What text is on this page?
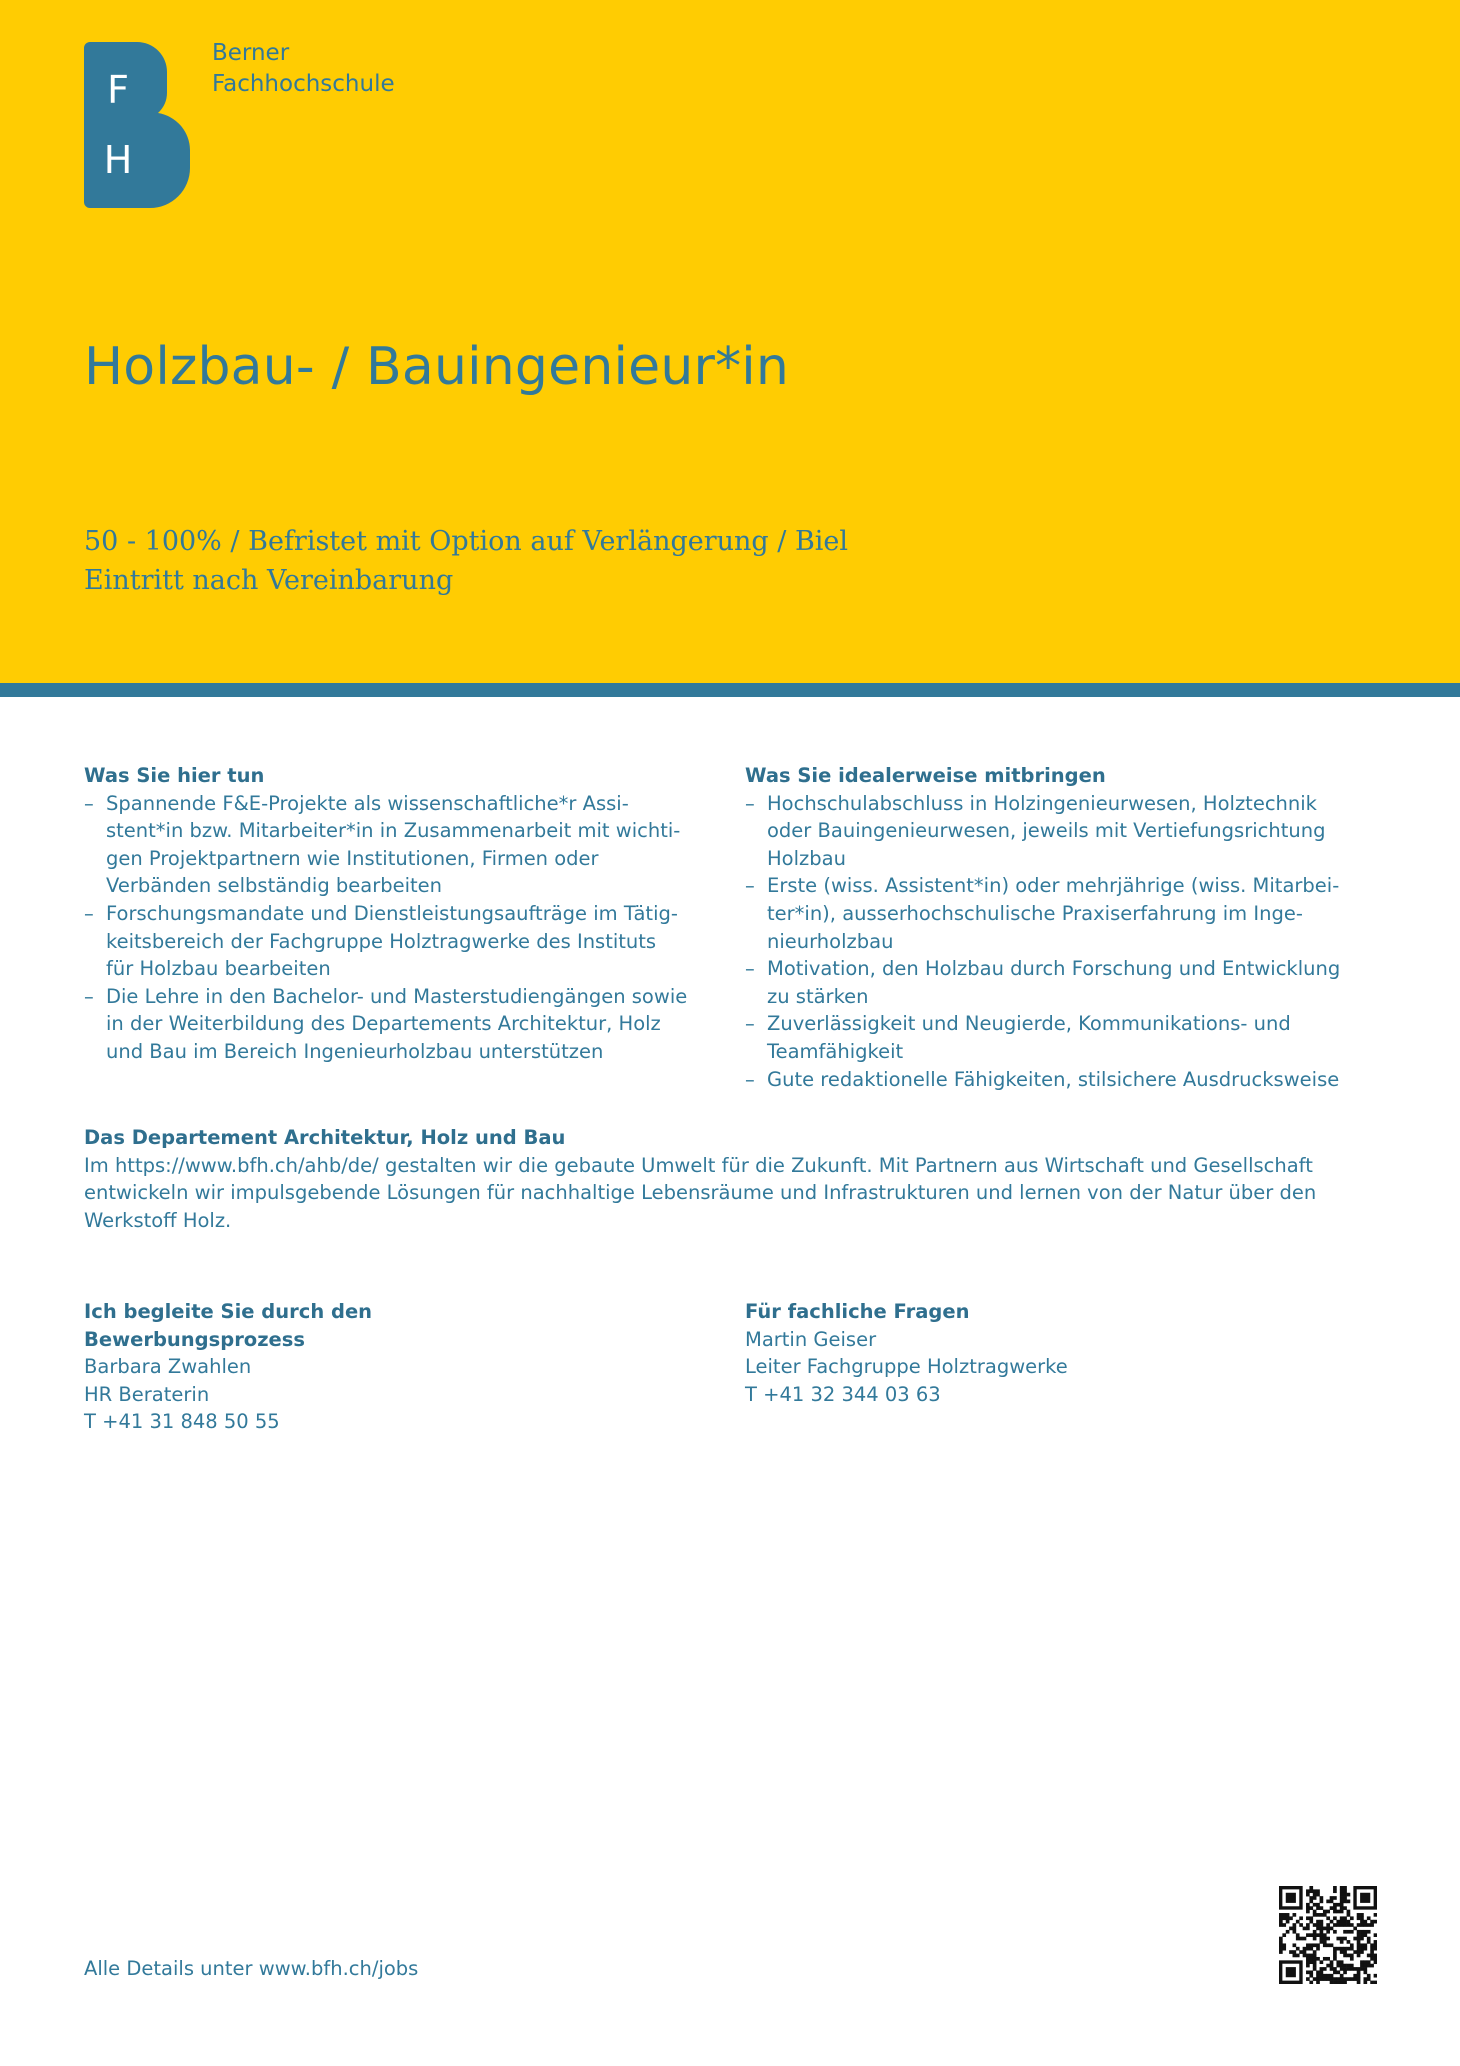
F
H
Berner
Fachhochschule
Holzbau- / Bauingenieur*in
50 - 100% / Befristet mit Option auf Verlängerung / Biel
Eintritt nach Vereinbarung
Was Sie hier tun
– Spannende F&E-Projekte als wissenschaftliche*r Assi-
stent*in bzw. Mitarbeiter*in in Zusammenarbeit mit wichti-
gen Projektpartnern wie Institutionen, Firmen oder
Verbänden selbständig bearbeiten
– Forschungsmandate und Dienstleistungsaufträge im Tätig-
keitsbereich der Fachgruppe Holztragwerke des Instituts
für Holzbau bearbeiten
– Die Lehre in den Bachelor- und Masterstudiengängen sowie
in der Weiterbildung des Departements Architektur, Holz
und Bau im Bereich Ingenieurholzbau unterstützen
Was Sie idealerweise mitbringen
– Hochschulabschluss in Holzingenieurwesen, Holztechnik
oder Bauingenieurwesen, jeweils mit Vertiefungsrichtung
Holzbau
– Erste (wiss. Assistent*in) oder mehrjährige (wiss. Mitarbei-
ter*in), ausserhochschulische Praxiserfahrung im Inge-
nieurholzbau
– Motivation, den Holzbau durch Forschung und Entwicklung
zu stärken
– Zuverlässigkeit und Neugierde, Kommunikations- und
Teamfähigkeit
– Gute redaktionelle Fähigkeiten, stilsichere Ausdrucksweise
Das Departement Architektur, Holz und Bau

Im https://www.bfh.ch/ahb/de/ gestalten wir die gebaute Umwelt für die Zukunft. Mit Partnern aus Wirtschaft und Gesellschaft
entwickeln wir impulsgebende Lösungen für nachhaltige Lebensräume und Infrastrukturen und lernen von der Natur über den
Werkstoff Holz.

Ich begleite Sie durch den
Bewerbungsprozess
Barbara Zwahlen
HR Beraterin
T +41 31 848 50 55
Für fachliche Fragen
Martin Geiser
Leiter Fachgruppe Holztragwerke
T +41 32 344 03 63
Alle Details unter www.bfh.ch/jobs
